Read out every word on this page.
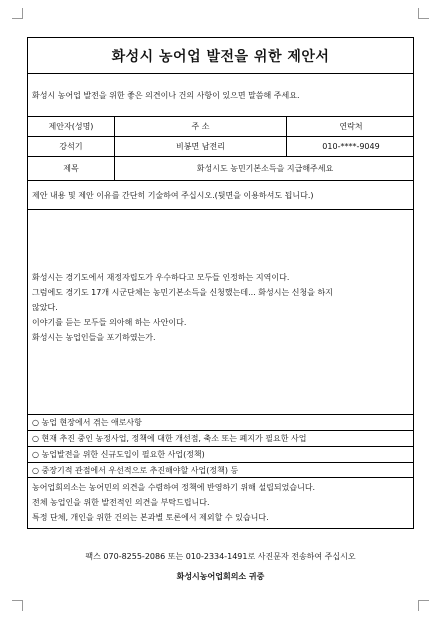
화성시 농어업 발전을 위한 제안서
화성시 농어업 발전을 위한 좋은 의견이나 건의 사항이 있으면 말씀해 주세요.
제안자(성명)	주 소	연락처
강석기	비봉면 남전리	010-****-9049
제목	화성시도 농민기본소득을 지급해주세요
제안 내용 및 제안 이유를 간단히 기술하여 주십시오.(뒷면을 이용하셔도 됩니다.)
화성시는 경기도에서 재정자립도가 우수하다고 모두들 인정하는 지역이다.
그럼에도 경기도 17개 시군단체는 농민기본소득을 신청했는데... 화성시는 신청을 하지
않았다.
이야기를 듣는 모두들 의아해 하는 사안이다.
화성시는 농업인들을 포기하였는가.
○ 농업 현장에서 겪는 애로사항
○ 현재 추진 중인 농정사업, 정책에 대한 개선점, 축소 또는 폐지가 필요한 사업
○ 농업발전을 위한 신규도입이 필요한 사업(정책)
○ 중장기적 관점에서 우선적으로 추진해야할 사업(정책) 등
농어업회의소는 농어민의 의견을 수렴하여 정책에 반영하기 위해 설립되었습니다.
전체 농업인을 위한 발전적인 의견을 부탁드립니다.
특정 단체, 개인을 위한 건의는 본과별 토론에서 제외할 수 있습니다.
팩스 070-8255-2086 또는 010-2334-1491로 사진문자 전송하여 주십시오
화성시농어업회의소 귀중
